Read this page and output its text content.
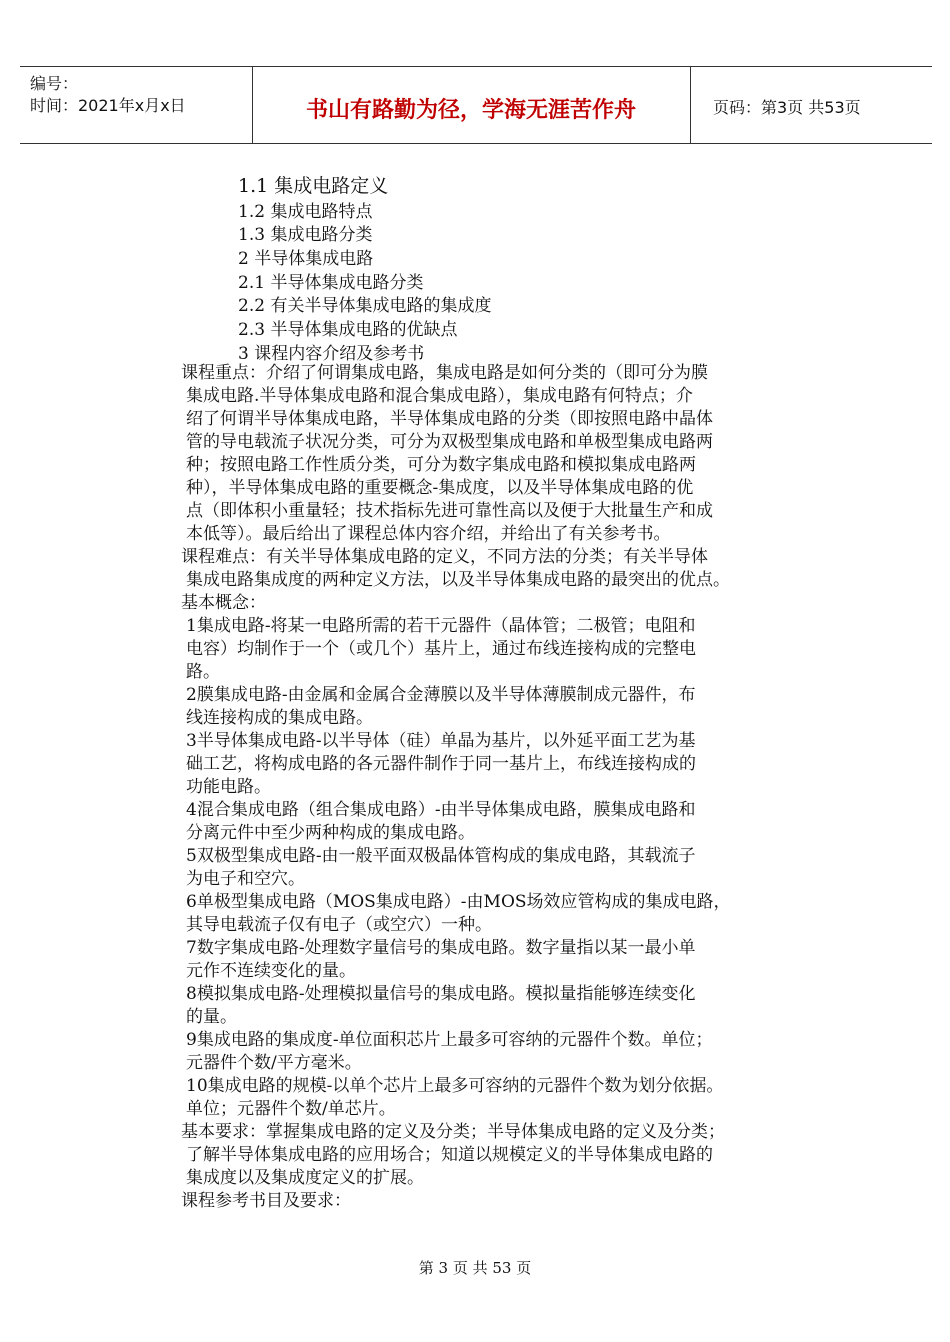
编号：
时间：2021年x月x日	书山有路勤为径，学海无涯苦作舟	页码：第3页 共53页
1.1 集成电路定义
1.2 集成电路特点
1.3 集成电路分类
2 半导体集成电路
2.1 半导体集成电路分类
2.2 有关半导体集成电路的集成度
2.3 半导体集成电路的优缺点
3 课程内容介绍及参考书
课程重点：介绍了何谓集成电路，集成电路是如何分类的（即可分为膜
集成电路.半导体集成电路和混合集成电路），集成电路有何特点；介
绍了何谓半导体集成电路，半导体集成电路的分类（即按照电路中晶体
管的导电载流子状况分类，可分为双极型集成电路和单极型集成电路两
种；按照电路工作性质分类，可分为数字集成电路和模拟集成电路两
种），半导体集成电路的重要概念-集成度，以及半导体集成电路的优
点（即体积小重量轻；技术指标先进可靠性高以及便于大批量生产和成
本低等）。最后给出了课程总体内容介绍，并给出了有关参考书。
课程难点：有关半导体集成电路的定义，不同方法的分类；有关半导体
集成电路集成度的两种定义方法，以及半导体集成电路的最突出的优点。
基本概念：
1集成电路-将某一电路所需的若干元器件（晶体管；二极管；电阻和
电容）均制作于一个（或几个）基片上，通过布线连接构成的完整电
路。
2膜集成电路-由金属和金属合金薄膜以及半导体薄膜制成元器件，布
线连接构成的集成电路。
3半导体集成电路-以半导体（硅）单晶为基片，以外延平面工艺为基
础工艺，将构成电路的各元器件制作于同一基片上，布线连接构成的
功能电路。
4混合集成电路（组合集成电路）-由半导体集成电路，膜集成电路和
分离元件中至少两种构成的集成电路。
5双极型集成电路-由一般平面双极晶体管构成的集成电路，其载流子
为电子和空穴。
6单极型集成电路（MOS集成电路）-由MOS场效应管构成的集成电路，
其导电载流子仅有电子（或空穴）一种。
7数字集成电路-处理数字量信号的集成电路。数字量指以某一最小单
元作不连续变化的量。
8模拟集成电路-处理模拟量信号的集成电路。模拟量指能够连续变化
的量。
9集成电路的集成度-单位面积芯片上最多可容纳的元器件个数。单位；
元器件个数/平方毫米。
10集成电路的规模-以单个芯片上最多可容纳的元器件个数为划分依据。
单位；元器件个数/单芯片。
基本要求：掌握集成电路的定义及分类；半导体集成电路的定义及分类；
了解半导体集成电路的应用场合；知道以规模定义的半导体集成电路的
集成度以及集成度定义的扩展。
课程参考书目及要求：
第 3 页 共 53 页
